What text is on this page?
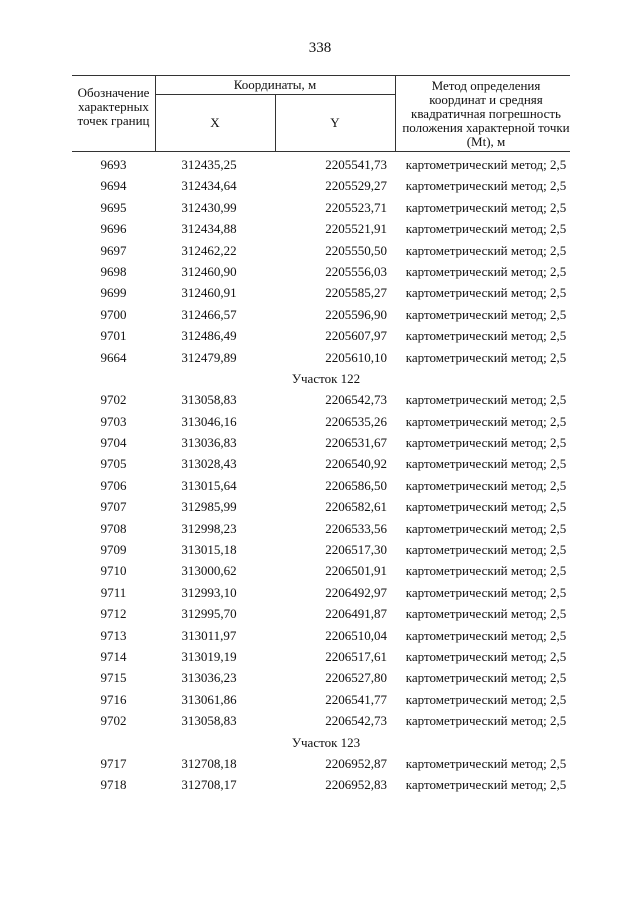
338
Обозначение характерных точек границ
Координаты, м
X	Y
Метод определения координат и средняя квадратичная погрешность положения характерной точки (Mt), м
9693	312435,25	2205541,73 картометрический метод; 2,5
9694	312434,64	2205529,27 картометрический метод; 2,5
9695	312430,99	2205523,71 картометрический метод; 2,5
9696	312434,88	2205521,91 картометрический метод; 2,5
9697	312462,22	2205550,50 картометрический метод; 2,5
9698	312460,90	2205556,03 картометрический метод; 2,5
9699	312460,91	2205585,27 картометрический метод; 2,5
9700	312466,57	2205596,90 картометрический метод; 2,5
9701	312486,49	2205607,97 картометрический метод; 2,5
9664	312479,89	2205610,10 картометрический метод; 2,5
Участок 122
9702	313058,83	2206542,73 картометрический метод; 2,5
9703	313046,16	2206535,26 картометрический метод; 2,5
9704	313036,83	2206531,67 картометрический метод; 2,5
9705	313028,43	2206540,92 картометрический метод; 2,5
9706	313015,64	2206586,50 картометрический метод; 2,5
9707	312985,99	2206582,61 картометрический метод; 2,5
9708	312998,23	2206533,56 картометрический метод; 2,5
9709	313015,18	2206517,30 картометрический метод; 2,5
9710	313000,62	2206501,91 картометрический метод; 2,5
9711	312993,10	2206492,97 картометрический метод; 2,5
9712	312995,70	2206491,87 картометрический метод; 2,5
9713	313011,97	2206510,04 картометрический метод; 2,5
9714	313019,19	2206517,61 картометрический метод; 2,5
9715	313036,23	2206527,80 картометрический метод; 2,5
9716	313061,86	2206541,77 картометрический метод; 2,5
9702	313058,83	2206542,73 картометрический метод; 2,5
Участок 123
9717	312708,18	2206952,87 картометрический метод; 2,5
9718	312708,17	2206952,83 картометрический метод; 2,5
